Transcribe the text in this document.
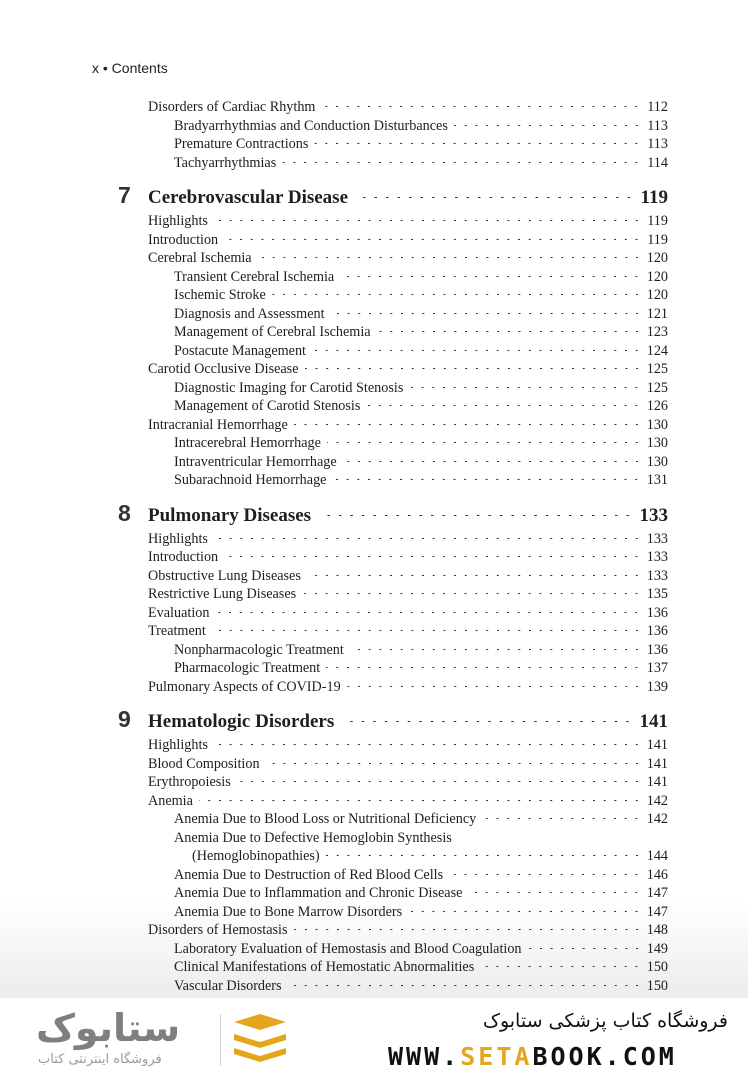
x • Contents
Disorders of Cardiac Rhythm	112
Bradyarrhythmias and Conduction Disturbances	113
Premature Contractions	113
Tachyarrhythmias	114
7 Cerebrovascular Disease	119
Highlights	119
Introduction	119
Cerebral Ischemia	120
Transient Cerebral Ischemia	120
Ischemic Stroke	120
Diagnosis and Assessment	121
Management of Cerebral Ischemia	123
Postacute Management	124
Carotid Occlusive Disease	125
Diagnostic Imaging for Carotid Stenosis	125
Management of Carotid Stenosis	126
Intracranial Hemorrhage	130
Intracerebral Hemorrhage	130
Intraventricular Hemorrhage	130
Subarachnoid Hemorrhage	131
8 Pulmonary Diseases	133
Highlights	133
Introduction	133
Obstructive Lung Diseases	133
Restrictive Lung Diseases	135
Evaluation	136
Treatment	136
Nonpharmacologic Treatment	136
Pharmacologic Treatment	137
Pulmonary Aspects of COVID-19	139
9 Hematologic Disorders	141
Highlights	141
Blood Composition	141
Erythropoiesis	141
Anemia	142
Anemia Due to Blood Loss or Nutritional Deficiency	142
Anemia Due to Defective Hemoglobin Synthesis
(Hemoglobinopathies)	144
Anemia Due to Destruction of Red Blood Cells	146
Anemia Due to Inflammation and Chronic Disease	147
Anemia Due to Bone Marrow Disorders	147
Disorders of Hemostasis	148
Laboratory Evaluation of Hemostasis and Blood Coagulation	149
Clinical Manifestations of Hemostatic Abnormalities	150
Vascular Disorders	150
ستابوک
فروشگاه اینترنتی کتاب
فروشگاه کتاب پزشکی ستابوک
WWW.SETABOOK.COM
